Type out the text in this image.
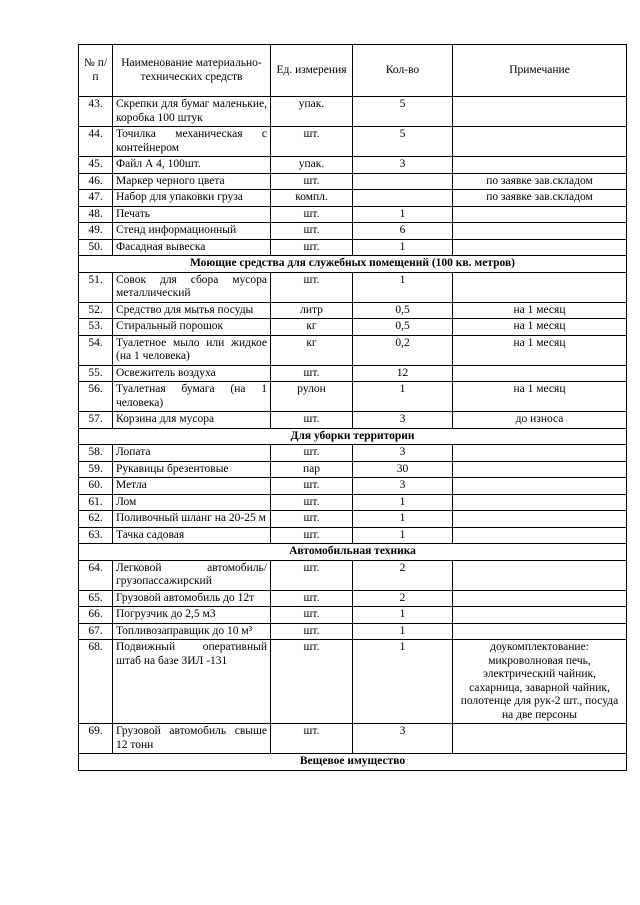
№ п/п	Наименование материально-технических средств	Ед. измерения	Кол-во	Примечание
43.	Скрепки для бумаг маленькие, коробка 100 штук	упак.	5	
44.	Точилка механическая с контейнером	шт.	5	
45.	Файл А 4, 100шт.	упак.	3	
46.	Маркер черного цвета	шт.		по заявке зав.складом
47.	Набор для упаковки груза	компл.		по заявке зав.складом
48.	Печать	шт.	1	
49.	Стенд информационный	шт.	6	
50.	Фасадная вывеска	шт.	1	
Моющие средства для служебных помещений (100 кв. метров)				
51.	Совок для сбора мусора металлический	шт.	1	
52.	Средство для мытья посуды	литр	0,5	на 1 месяц
53.	Стиральный порошок	кг	0,5	на 1 месяц
54.	Туалетное мыло или жидкое (на 1 человека)	кг	0,2	на 1 месяц
55.	Освежитель воздуха	шт.	12	
56.	Туалетная бумага (на 1 человека)	рулон	1	на 1 месяц
57.	Корзина для мусора	шт.	3	до износа
Для уборки территории				
58.	Лопата	шт.	3	
59.	Рукавицы брезентовые	пар	30	
60.	Метла	шт.	3	
61.	Лом	шт.	1	
62.	Поливочный шланг на 20-25 м	шт.	1	
63.	Тачка садовая	шт.	1	
Автомобильная техника				
64.	Легковой автомобиль/ грузопассажирский	шт.	2	
65.	Грузовой автомобиль до 12т	шт.	2	
66.	Погрузчик до 2,5 м3	шт.	1	
67.	Топливозаправщик до 10 м³	шт.	1	
68.	Подвижный оперативный штаб на базе ЗИЛ -131	шт.	1	доукомплектование: микроволновая печь, электрический чайник, сахарница, заварной чайник, полотенце для рук-2 шт., посуда на две персоны
69.	Грузовой автомобиль свыше 12 тонн	шт.	3	
Вещевое имущество				
